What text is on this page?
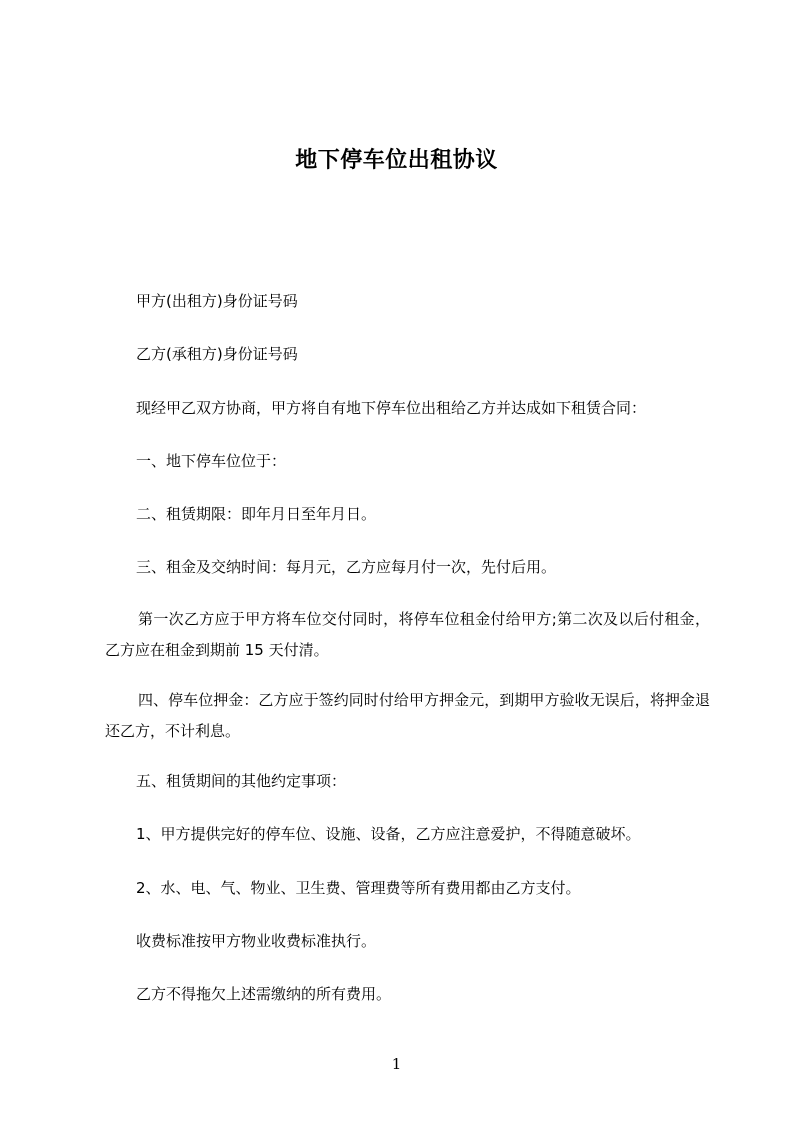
地下停车位出租协议
甲方(出租方)身份证号码
乙方(承租方)身份证号码
现经甲乙双方协商，甲方将自有地下停车位出租给乙方并达成如下租赁合同：
一、地下停车位位于：
二、租赁期限：即年月日至年月日。
三、租金及交纳时间：每月元，乙方应每月付一次，先付后用。
第一次乙方应于甲方将车位交付同时，将停车位租金付给甲方;第二次及以后付租金，乙方应在租金到期前 15 天付清。
四、停车位押金：乙方应于签约同时付给甲方押金元，到期甲方验收无误后，将押金退还乙方，不计利息。
五、租赁期间的其他约定事项：
1、甲方提供完好的停车位、设施、设备，乙方应注意爱护，不得随意破坏。
2、水、电、气、物业、卫生费、管理费等所有费用都由乙方支付。
收费标准按甲方物业收费标准执行。
乙方不得拖欠上述需缴纳的所有费用。
1
